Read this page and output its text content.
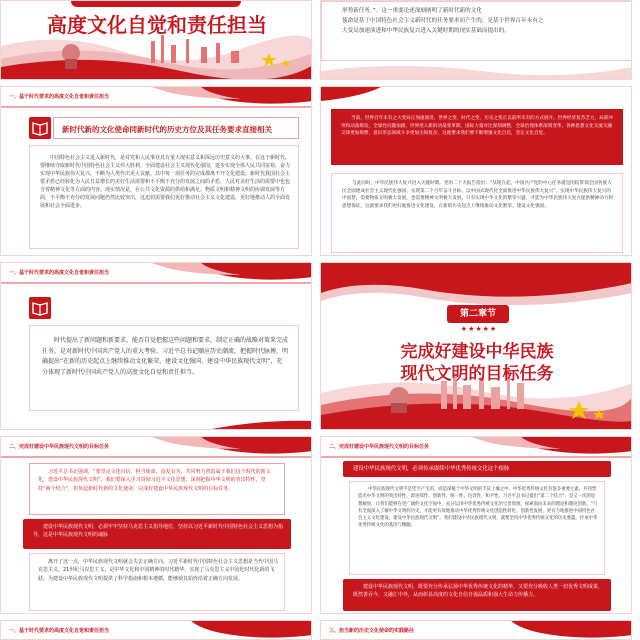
高度文化自觉和责任担当
形势新任务。”。这一重要论述深刻阐明了新时代新的文化
使命是基于中国特色社会主义新时代的任务要求而产生的，是基于世界百年未有之
大变局加速演进和中华民族复兴进入关键时期的现实基础而提出的。
一、基于时代要求的高度文化自觉和责任担当
新时代新的文化使命同新时代的历史方位及其任务要求直接相关
中国特色社会主义进入新时代，是对党和人民事业具有重大现实意义和深远历史意义的大事。在这个新时代，要继续夺取新时代中国特色社会主义伟大胜利、全面建设社会主义现代化强国，逐步实现全体人民共同富裕，奋力实现中华民族伟大复兴。不断为人类作出更大贡献。其中每一项任务的完成都离不开文化建设。新时代我国社会主要矛盾已经转化为人民日益增长的美好生活需要和不平衡不充分的发展之间的矛盾，人民对美好生活的需要中也包含着精神文化等方面的内容。现实情况是，在公共文化资源的供给和满足、物质文明和精神文明的协调发展等方面，不平衡不充分的发展问题仍然比较突出，这迫切需要我们更好推动社会主义文化建设，更好地推动人的全面发展和社会全面进步。
当前，世界百年未有之大变局正加速演进，世界之变、时代之变、历史之变正以前所未有的方式展开。世界经济复苏乏力，局部冲突和动荡频发，全球性问题加剧，世界进入新的动荡变革期，国际力量对比深刻调整，全球治理体系深刻变革，各种思想文化交流交融交锋更加频繁，意识形态领域斗争更加尖锐复杂，这就要求我们要不断增强文化自信，坚定文化自觉。
与此同时，中华民族伟大复兴进入关键时期。党的二十大报告指出：“从现在起，中国共产党的中心任务就是团结带领全国各族人民全面建成社会主义现代化强国、实现第二个百年奋斗目标，以中国式现代化全面推进中华民族伟大复兴”。实现中华民族伟大复兴的中国梦，需要物质文明极大发展，也需要精神文明极大发展。只有实现中华文化的繁荣兴盛，才能为中华民族伟大复兴提供精神动力和思想保证，这就要求我们更好地推进文化建设，在新的历史起点上继续推动文化繁荣、建设文化强国。
一、基于时代要求的高度文化自觉和责任担当
时代提出了新问题和新要求，能否自觉把握这些问题和要求，制定正确的战略对策来完成任务，是对新时代中国共产党人的重大考验。习近平总书记顺应历史潮流，把握时代脉搏，明确提出“在新的历史起点上继续推动文化繁荣、建设文化强国、建设中华民族现代文明”，充分体现了新时代中国共产党人的高度文化自觉和责任担当。
第二章节
★★★★★
完成好建设中华民族
现代文明的目标任务
二、完成好建设中华民族现代文明的目标任务
习近平总书记强调，“要坚定文化自信、担当使命、奋发有为，共同努力创造属于我们这个时代的新文化，建设中华民族现代文明”。我们要深入学习贯彻习近平文化思想，深刻把握中华文明的突出特性，坚持“两个结合”，担负起新时代新的文化使命，完成好建设中华民族现代文明的目标任务。
建设中华民族现代文明，必须牢牢坚持马克思主义指导地位，坚持以习近平新时代中国特色社会主义思想为指导，这是中华民族现代文明的魂脉
离开了这一点，中华民族现代文明就会失去正确方向。习近平新时代中国特色社会主义思想是当代中国马克思主义、21世纪马克思主义，是中华文化和中国精神的时代精华，实现了马克思主义中国化时代化新的飞跃，为建设中华民族现代文明提供了科学指南和根本遵循，能够使其始终沿着正确方向发展。
二、完成好建设中华民族现代文明的目标任务
建设中华民族现代文明，必须传承赓续中华优秀传统文化这个根脉
中华民族现代文明不是凭空产生的，而是深植于中华文明的丰沃土壤之中。中华优秀传统文化有很多重要元素，共同塑造出中华文明的突出特性，即连续性、创新性、统一性、包容性、和平性。习近平总书记提出“第二个结合”，是又一次的思想解放，让我们能够在更广阔的文化空间中，充分运用中华优秀传统文化的宝贵资源，探索面向未来的理论和制度创新。“只有全面深入了解中华文明的历史，才能更有效地推动中华优秀传统文化创造性转化、创新性发展，更有力地推进中国特色社会主义文化建设，建设中华民族现代文明”。我们建设中华民族现代文明，就要坚持中华优秀传统文化的历史底蕴，传承中华优秀传统文化的基因与精髓。
建设中华民族现代文明，既要充分传承弘扬中华优秀传统文化的精华，又要充分吸收人类一切优秀文明成果，既然善吞今，又融汇中外，从而彰显高度的文化自信自强品质和强大生命力传播力。
一、基于时代要求的高度文化自觉和责任担当	三、担当新的历史文化使命的实践路径
